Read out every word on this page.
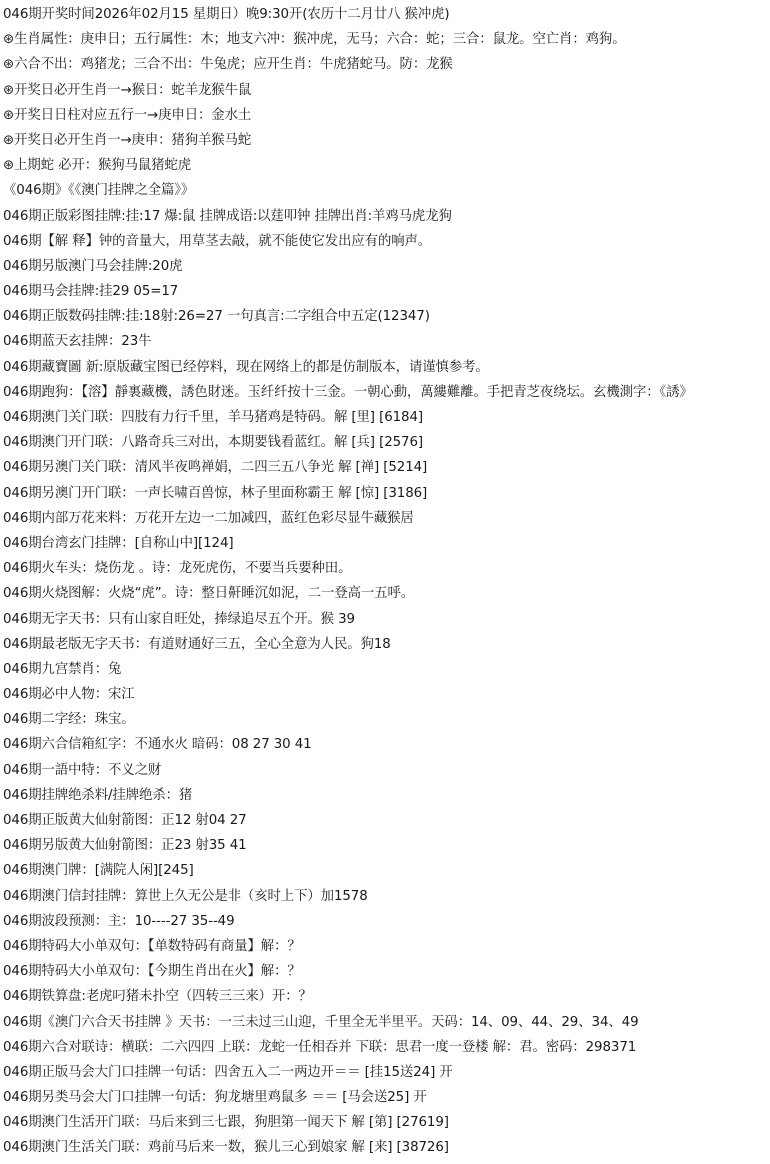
046期开奖时间2026年02月15 星期日）晚9:30开(农历十二月廿八 猴冲虎)
⊛生肖属性：庚申日；五行属性：木；地支六冲：猴冲虎，无马；六合：蛇；三合：鼠龙。空亡肖：鸡狗。
⊛六合不出：鸡猪龙；三合不出：牛兔虎；应开生肖：牛虎猪蛇马。防：龙猴
⊛开奖日必开生肖一→猴日：蛇羊龙猴牛鼠
⊛开奖日日柱对应五行一→庚申日：金水土
⊛开奖日必开生肖一→庚申：猪狗羊猴马蛇
⊛上期蛇 必开：猴狗马鼠猪蛇虎
《046期》《《澳门挂牌之全篇》》
046期正版彩图挂牌:挂:17 爆:鼠 挂牌成语:以莛叩钟 挂牌出肖:羊鸡马虎龙狗
046期【解 释】钟的音量大，用草茎去敲，就不能使它发出应有的响声。
046期另版澳门马会挂牌:20虎
046期马会挂牌:挂29 05=17
046期正版数码挂牌:挂:18射:26=27 一句真言:二字组合中五定(12347)
046期蓝天玄挂牌：23牛
046期藏寶圖 新:原版藏宝图已经停料，现在网络上的都是仿制版本，请谨慎参考。
046期跑狗：【溶】靜裏藏機，誘色財迷。玉纤纤按十三金。一朝心動，萬縷難離。手把青芝夜绕坛。玄機測字：《誘》
046期澳门关门联：四肢有力行千里，羊马猪鸡是特码。解 [里] [6184]
046期澳门开门联：八路奇兵三对出，本期要钱看蓝红。解 [兵] [2576]
046期另澳门关门联：清风半夜鸣禅娟，二四三五八争光 解 [禅] [5214]
046期另澳门开门联：一声长啸百兽惊，林子里面称霸王 解 [惊] [3186]
046期内部万花来料：万花开左边一二加减四，蓝红色彩尽显牛藏猴居
046期台湾玄门挂牌：[自称山中][124]
046期火车头：烧伤龙 。诗：龙死虎伤，不要当兵要种田。
046期火烧图解：火烧“虎”。诗：整日鼾睡沉如泥，二一登高一五呼。
046期无字天书：只有山家自旺处，捧绿追尽五个开。猴 39
046期最老版无字天书：有道财通好三五，全心全意为人民。狗18
046期九宫禁肖：兔
046期必中人物：宋江
046期二字经：珠宝。
046期六合信箱紅字：不通水火 暗码：08 27 30 41
046期一語中特：不义之财
046期挂牌绝杀料/挂牌绝杀：猪
046期正版黄大仙射箭图：正12 射04 27
046期另版黄大仙射箭图：正23 射35 41
046期澳门牌：[满院人闲][245]
046期澳门信封挂牌：算世上久无公是非（亥时上下）加1578
046期波段预测：主：10----27 35--49
046期特码大小单双句：【单数特码有商量】解：？
046期特码大小单双句：【今期生肖出在火】解：？
046期铁算盘:老虎叼猪未扑空（四转三三来）开：？
046期《澳门六合天书挂牌 》天书：一三未过三山迎，千里全无半里平。天码：14、09、44、29、34、49
046期六合对联诗：横联：二六四四 上联：龙蛇一任相吞并 下联：思君一度一登楼 解：君。密码：298371
046期正版马会大门口挂牌一句话：四舍五入二一两边开＝＝ [挂15送24] 开
046期另类马会大门口挂牌一句话：狗龙塘里鸡鼠多 ＝＝ [马会送25] 开
046期澳门生活开门联：马后来到三七跟，狗胆第一闻天下 解 [第] [27619]
046期澳门生活关门联：鸡前马后来一数，猴儿三心到娘家 解 [来] [38726]
